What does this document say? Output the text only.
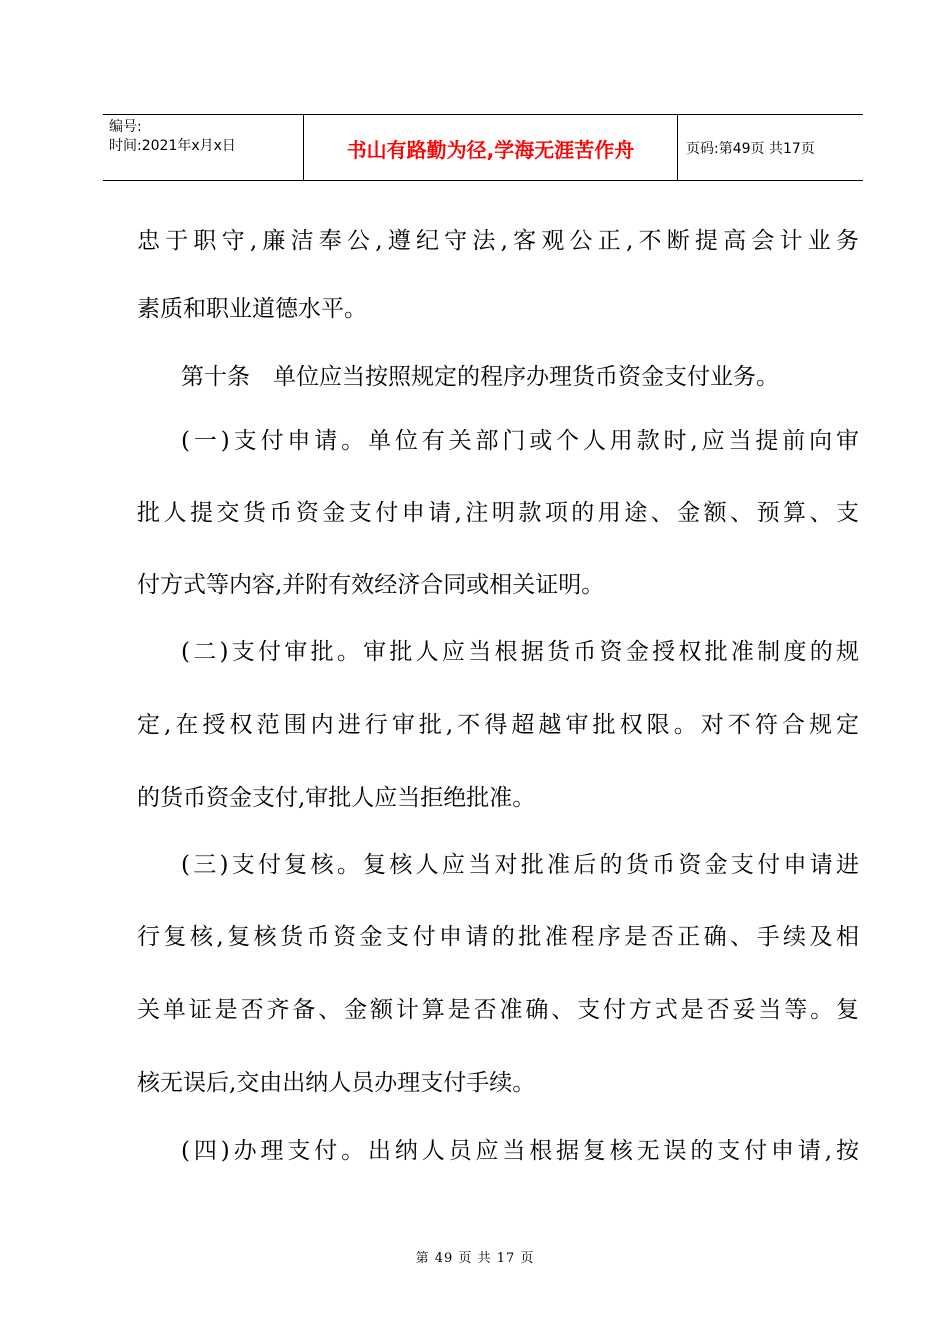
编号:
时间:2021年x月x日	书山有路勤为径,学海无涯苦作舟	页码:第49页 共17页
忠于职守,廉洁奉公,遵纪守法,客观公正,不断提高会计业务
素质和职业道德水平。
第十条　单位应当按照规定的程序办理货币资金支付业务。
(一)支付申请。单位有关部门或个人用款时,应当提前向审
批人提交货币资金支付申请,注明款项的用途、金额、预算、支
付方式等内容,并附有效经济合同或相关证明。
(二)支付审批。审批人应当根据货币资金授权批准制度的规
定,在授权范围内进行审批,不得超越审批权限。对不符合规定
的货币资金支付,审批人应当拒绝批准。
(三)支付复核。复核人应当对批准后的货币资金支付申请进
行复核,复核货币资金支付申请的批准程序是否正确、手续及相
关单证是否齐备、金额计算是否准确、支付方式是否妥当等。复
核无误后,交由出纳人员办理支付手续。
(四)办理支付。出纳人员应当根据复核无误的支付申请,按
第 49 页 共 17 页
